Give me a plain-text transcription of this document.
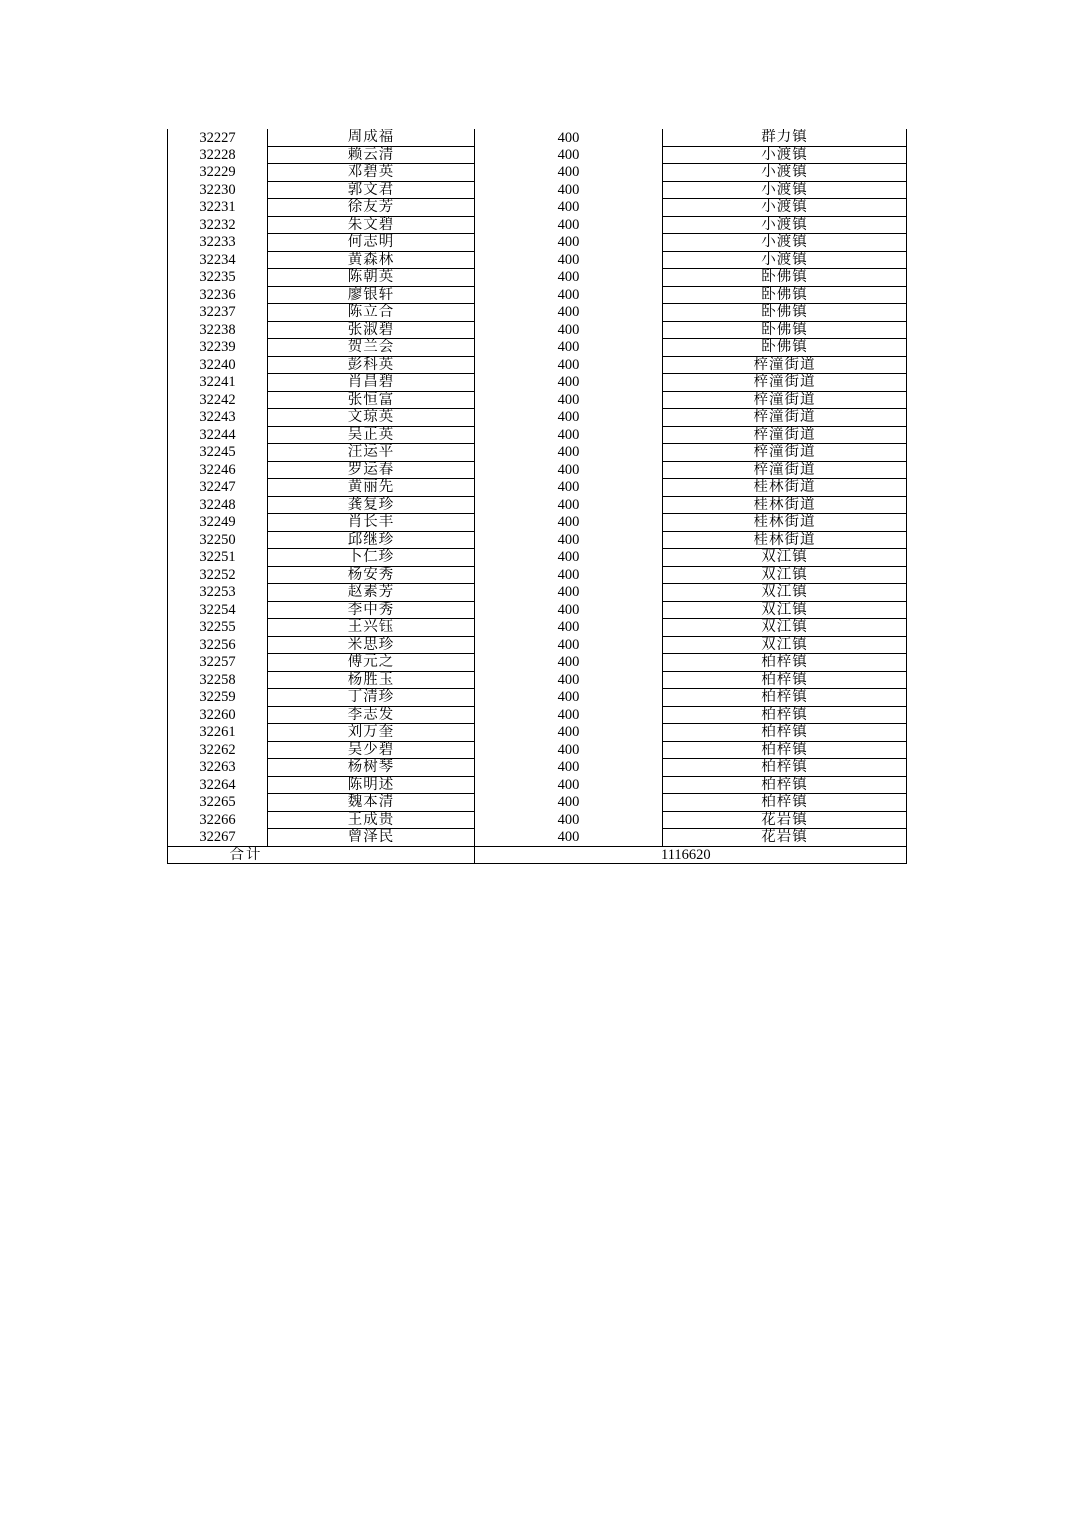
32227	周成福	400	群力镇
32228	赖云清	400	小渡镇
32229	邓碧英	400	小渡镇
32230	郭文君	400	小渡镇
32231	徐友芳	400	小渡镇
32232	朱文碧	400	小渡镇
32233	何志明	400	小渡镇
32234	黄森林	400	小渡镇
32235	陈朝英	400	卧佛镇
32236	廖银轩	400	卧佛镇
32237	陈立合	400	卧佛镇
32238	张淑碧	400	卧佛镇
32239	贺兰会	400	卧佛镇
32240	彭科英	400	梓潼街道
32241	肖昌碧	400	梓潼街道
32242	张恒富	400	梓潼街道
32243	文琼英	400	梓潼街道
32244	吴正英	400	梓潼街道
32245	汪运平	400	梓潼街道
32246	罗运春	400	梓潼街道
32247	黄丽先	400	桂林街道
32248	龚复珍	400	桂林街道
32249	肖长丰	400	桂林街道
32250	邱继珍	400	桂林街道
32251	卜仁珍	400	双江镇
32252	杨安秀	400	双江镇
32253	赵素芳	400	双江镇
32254	李中秀	400	双江镇
32255	王兴钰	400	双江镇
32256	米思珍	400	双江镇
32257	傅元之	400	柏梓镇
32258	杨胜玉	400	柏梓镇
32259	丁清珍	400	柏梓镇
32260	李志发	400	柏梓镇
32261	刘万奎	400	柏梓镇
32262	吴少碧	400	柏梓镇
32263	杨树琴	400	柏梓镇
32264	陈明述	400	柏梓镇
32265	魏本清	400	柏梓镇
32266	王成贵	400	花岩镇
32267	曾泽民	400	花岩镇
合计		1116620	
